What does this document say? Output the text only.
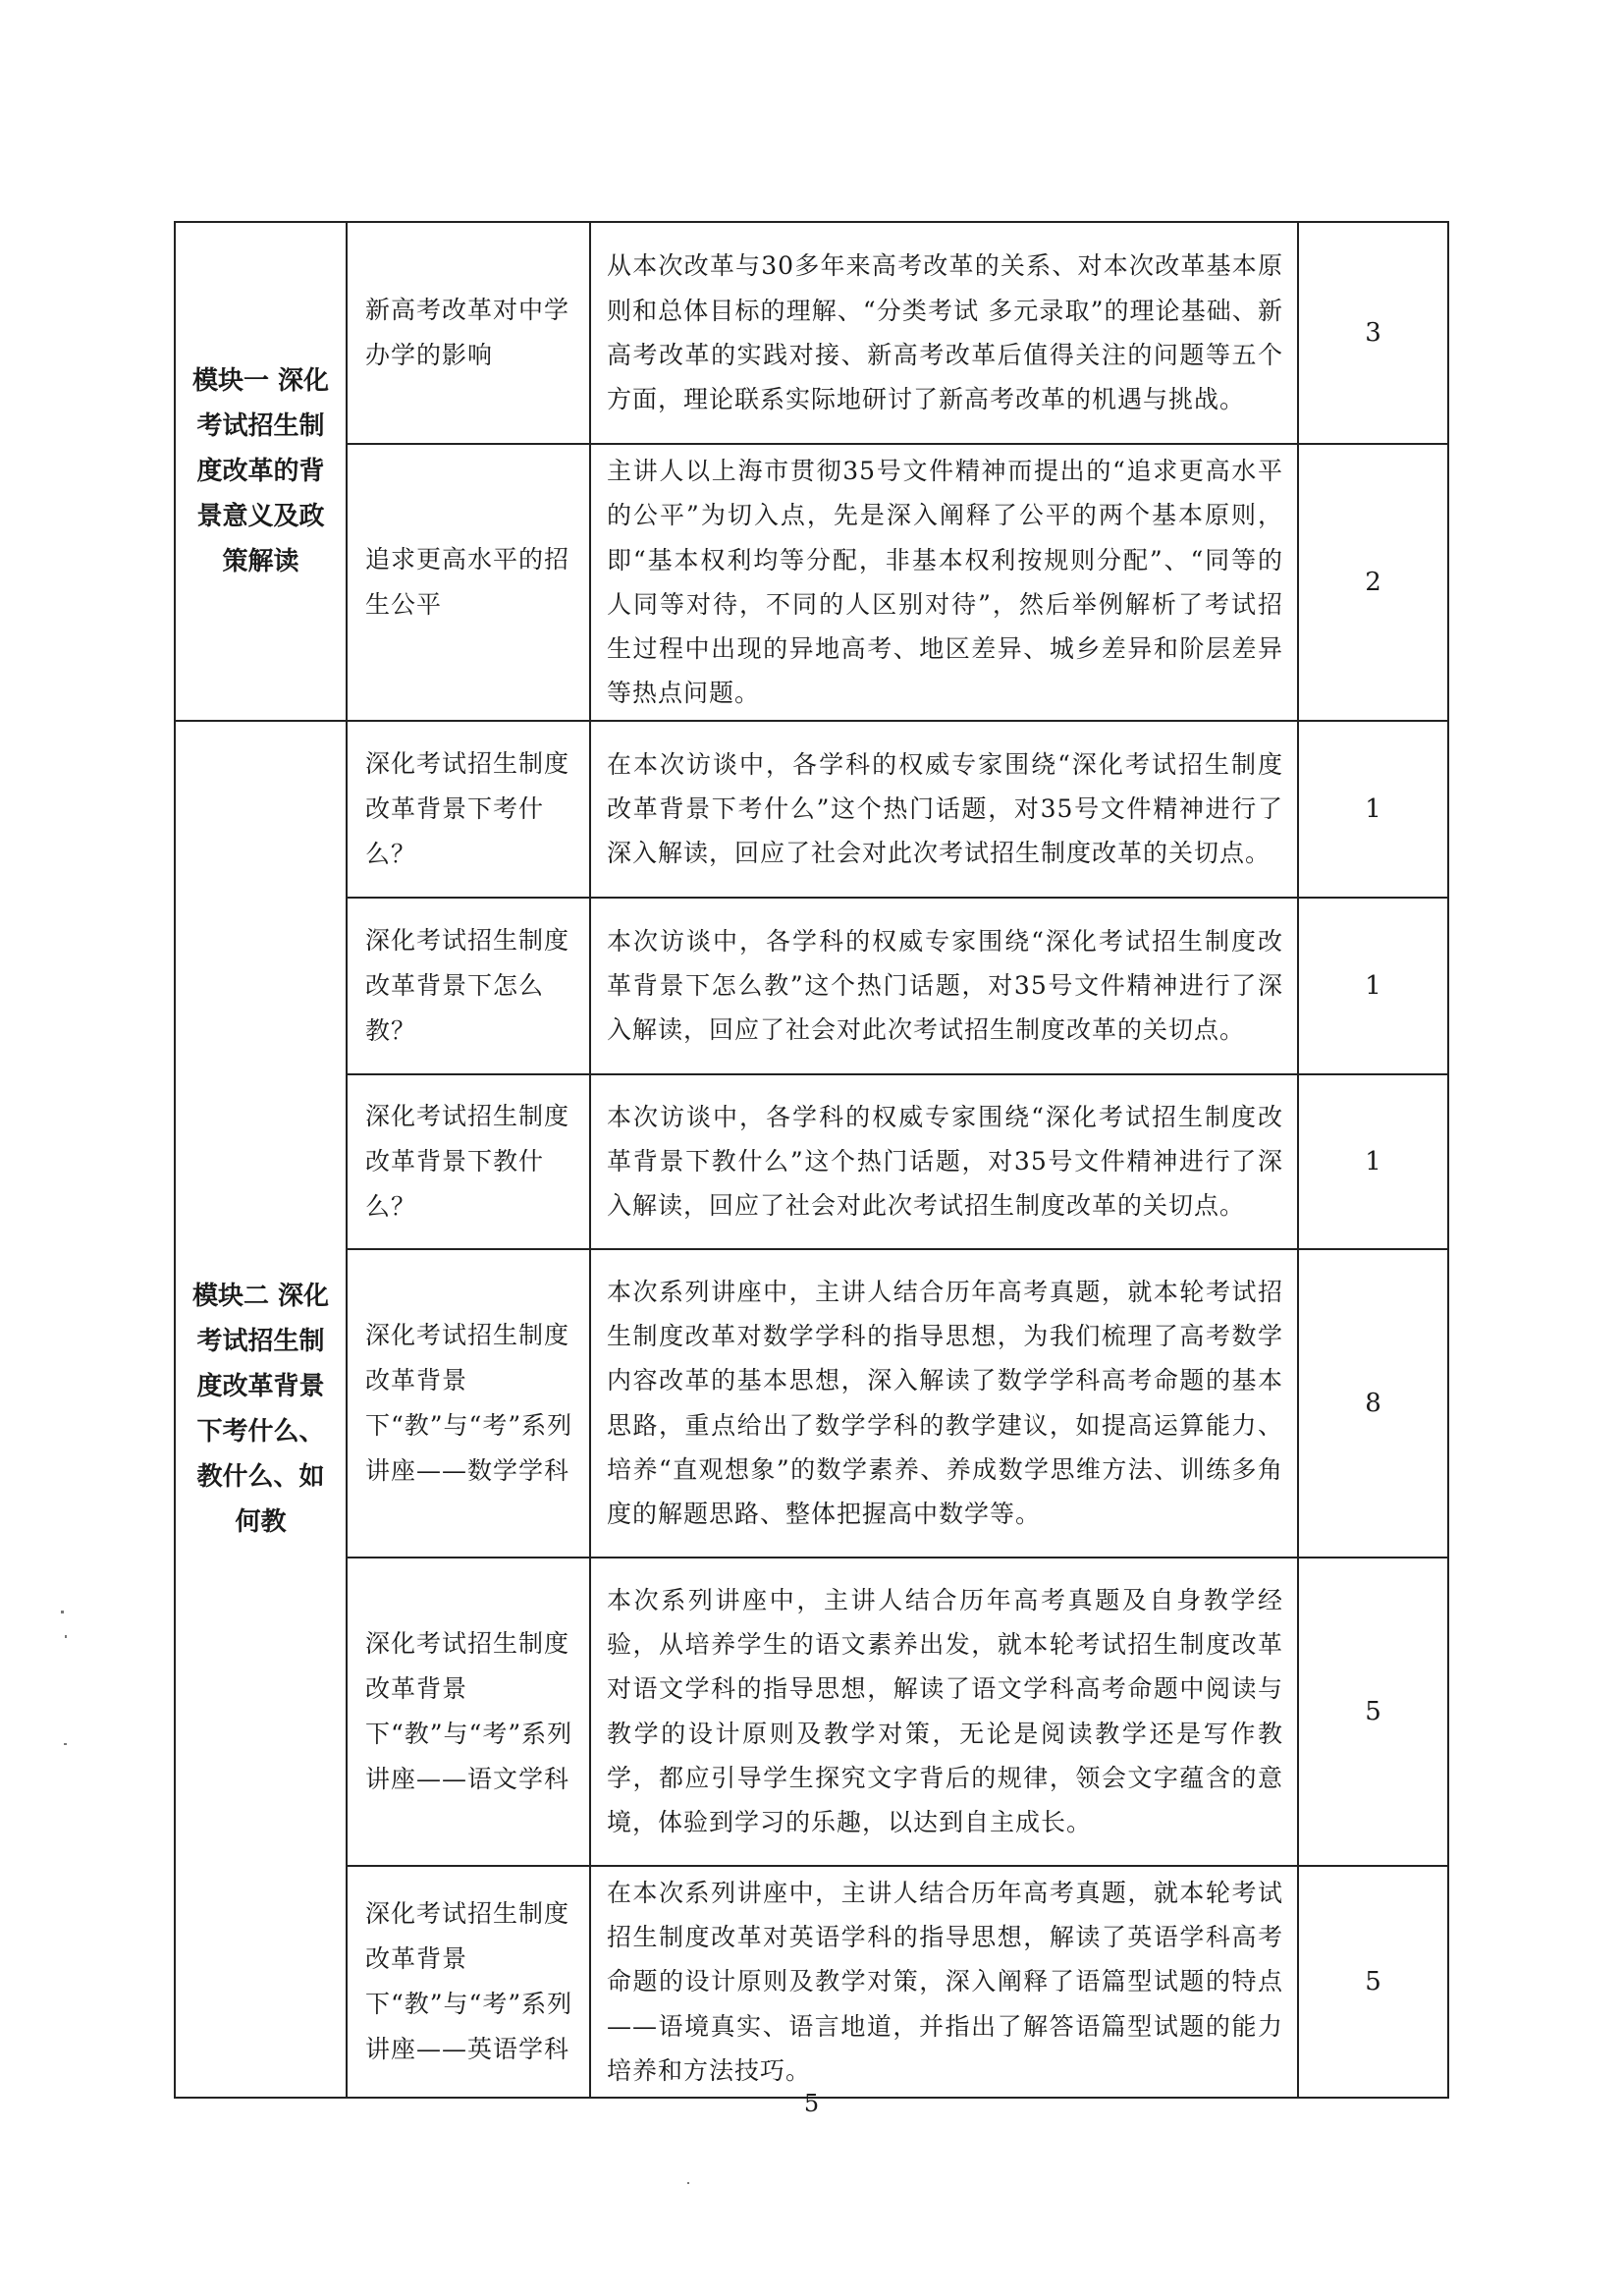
模块一 深化考试招生制度改革的背景意义及政策解读	新高考改革对中学办学的影响	从本次改革与30多年来高考改革的关系、对本次改革基本原则和总体目标的理解、“分类考试 多元录取”的理论基础、新高考改革的实践对接、新高考改革后值得关注的问题等五个方面，理论联系实际地研讨了新高考改革的机遇与挑战。	3
	追求更高水平的招生公平	主讲人以上海市贯彻35号文件精神而提出的“追求更高水平的公平”为切入点，先是深入阐释了公平的两个基本原则，即“基本权利均等分配，非基本权利按规则分配”、“同等的人同等对待，不同的人区别对待”，然后举例解析了考试招生过程中出现的异地高考、地区差异、城乡差异和阶层差异等热点问题。	2
模块二 深化考试招生制度改革背景下考什么、教什么、如何教	深化考试招生制度改革背景下考什么？	在本次访谈中，各学科的权威专家围绕“深化考试招生制度改革背景下考什么”这个热门话题，对35号文件精神进行了深入解读，回应了社会对此次考试招生制度改革的关切点。	1
	深化考试招生制度改革背景下怎么教？	本次访谈中，各学科的权威专家围绕“深化考试招生制度改革背景下怎么教”这个热门话题，对35号文件精神进行了深入解读，回应了社会对此次考试招生制度改革的关切点。	1
	深化考试招生制度改革背景下教什么？	本次访谈中，各学科的权威专家围绕“深化考试招生制度改革背景下教什么”这个热门话题，对35号文件精神进行了深入解读，回应了社会对此次考试招生制度改革的关切点。	1
	深化考试招生制度改革背景下“教”与“考”系列讲座——数学学科	本次系列讲座中，主讲人结合历年高考真题，就本轮考试招生制度改革对数学学科的指导思想，为我们梳理了高考数学内容改革的基本思想，深入解读了数学学科高考命题的基本思路，重点给出了数学学科的教学建议，如提高运算能力、培养“直观想象”的数学素养、养成数学思维方法、训练多角度的解题思路、整体把握高中数学等。	8
	深化考试招生制度改革背景下“教”与“考”系列讲座——语文学科	本次系列讲座中，主讲人结合历年高考真题及自身教学经验，从培养学生的语文素养出发，就本轮考试招生制度改革对语文学科的指导思想，解读了语文学科高考命题中阅读与教学的设计原则及教学对策，无论是阅读教学还是写作教学，都应引导学生探究文字背后的规律，领会文字蕴含的意境，体验到学习的乐趣，以达到自主成长。	5
	深化考试招生制度改革背景下“教”与“考”系列讲座——英语学科	在本次系列讲座中，主讲人结合历年高考真题，就本轮考试招生制度改革对英语学科的指导思想，解读了英语学科高考命题的设计原则及教学对策，深入阐释了语篇型试题的特点——语境真实、语言地道，并指出了解答语篇型试题的能力培养和方法技巧。	5
5
